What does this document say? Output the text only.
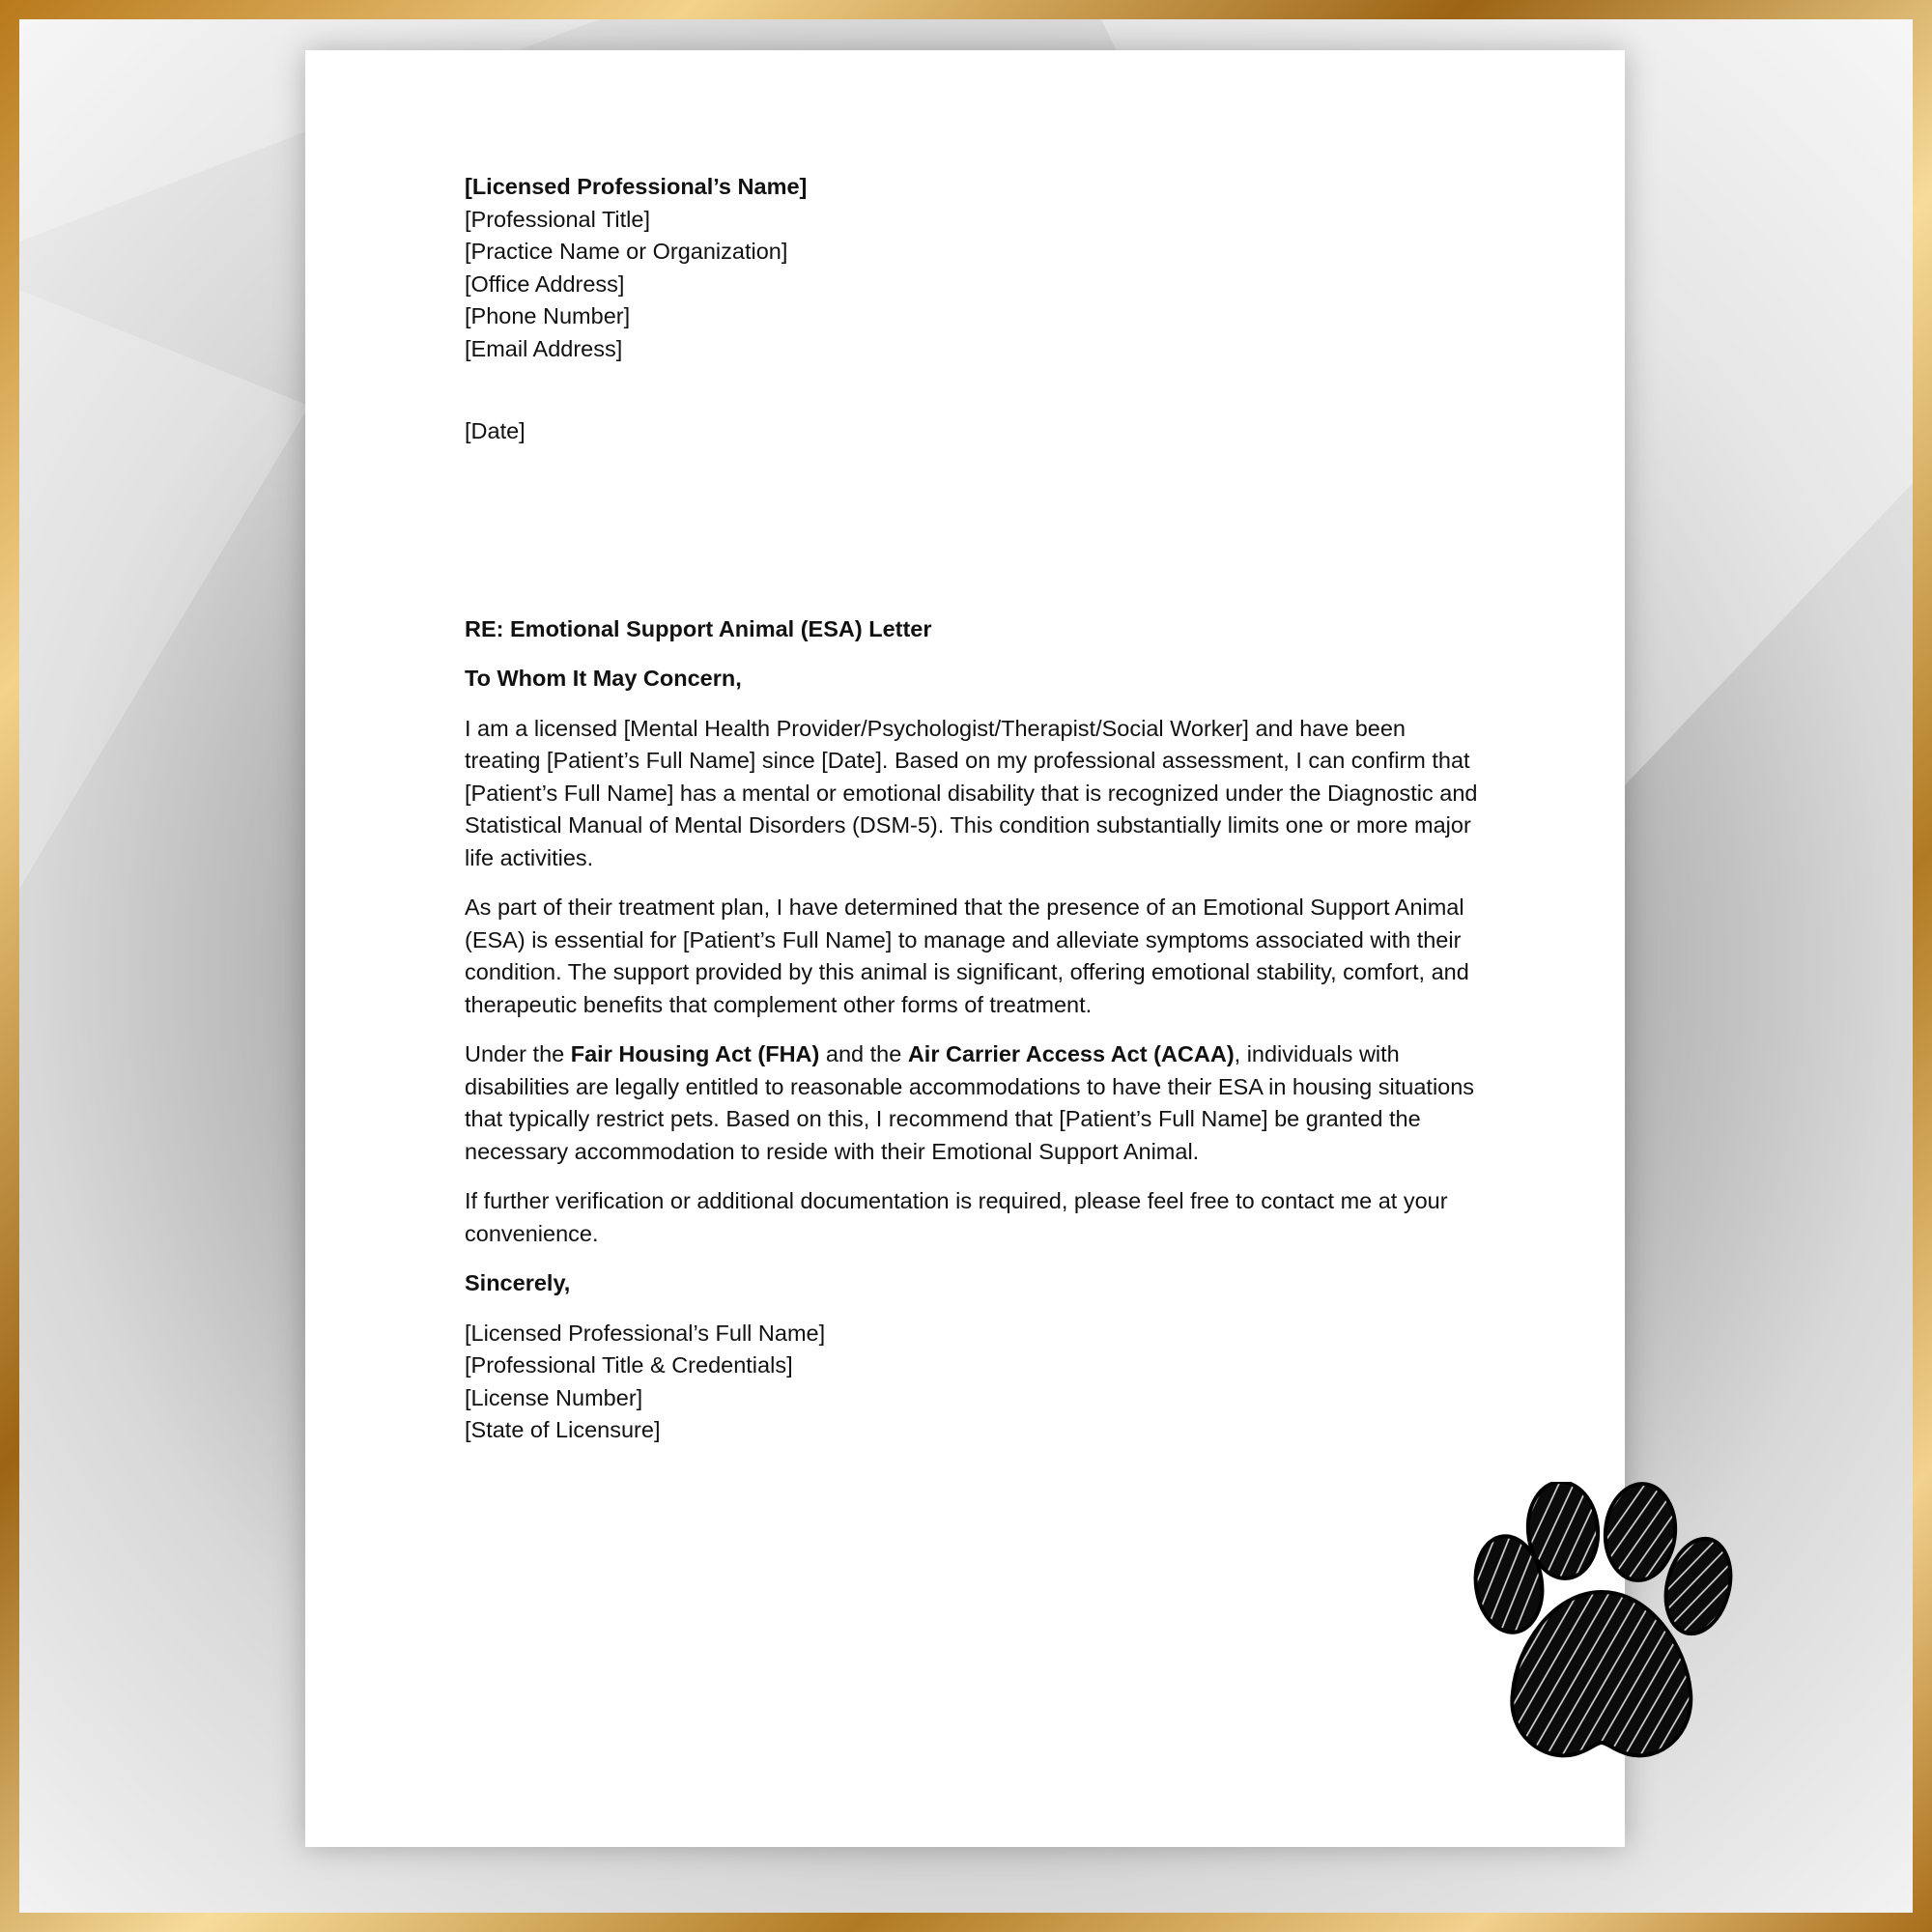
[Licensed Professional’s Name]
[Professional Title]
[Practice Name or Organization]
[Office Address]
[Phone Number]
[Email Address]
[Date]

RE: Emotional Support Animal (ESA) Letter

To Whom It May Concern,

I am a licensed [Mental Health Provider/Psychologist/Therapist/Social Worker] and have been treating [Patient’s Full Name] since [Date]. Based on my professional assessment, I can confirm that [Patient’s Full Name] has a mental or emotional disability that is recognized under the Diagnostic and Statistical Manual of Mental Disorders (DSM-5). This condition substantially limits one or more major life activities.

As part of their treatment plan, I have determined that the presence of an Emotional Support Animal (ESA) is essential for [Patient’s Full Name] to manage and alleviate symptoms associated with their condition. The support provided by this animal is significant, offering emotional stability, comfort, and therapeutic benefits that complement other forms of treatment.

Under the Fair Housing Act (FHA) and the Air Carrier Access Act (ACAA), individuals with disabilities are legally entitled to reasonable accommodations to have their ESA in housing situations that typically restrict pets. Based on this, I recommend that [Patient’s Full Name] be granted the necessary accommodation to reside with their Emotional Support Animal.

If further verification or additional documentation is required, please feel free to contact me at your convenience.

Sincerely,

[Licensed Professional’s Full Name]
[Professional Title & Credentials]
[License Number]
[State of Licensure]
